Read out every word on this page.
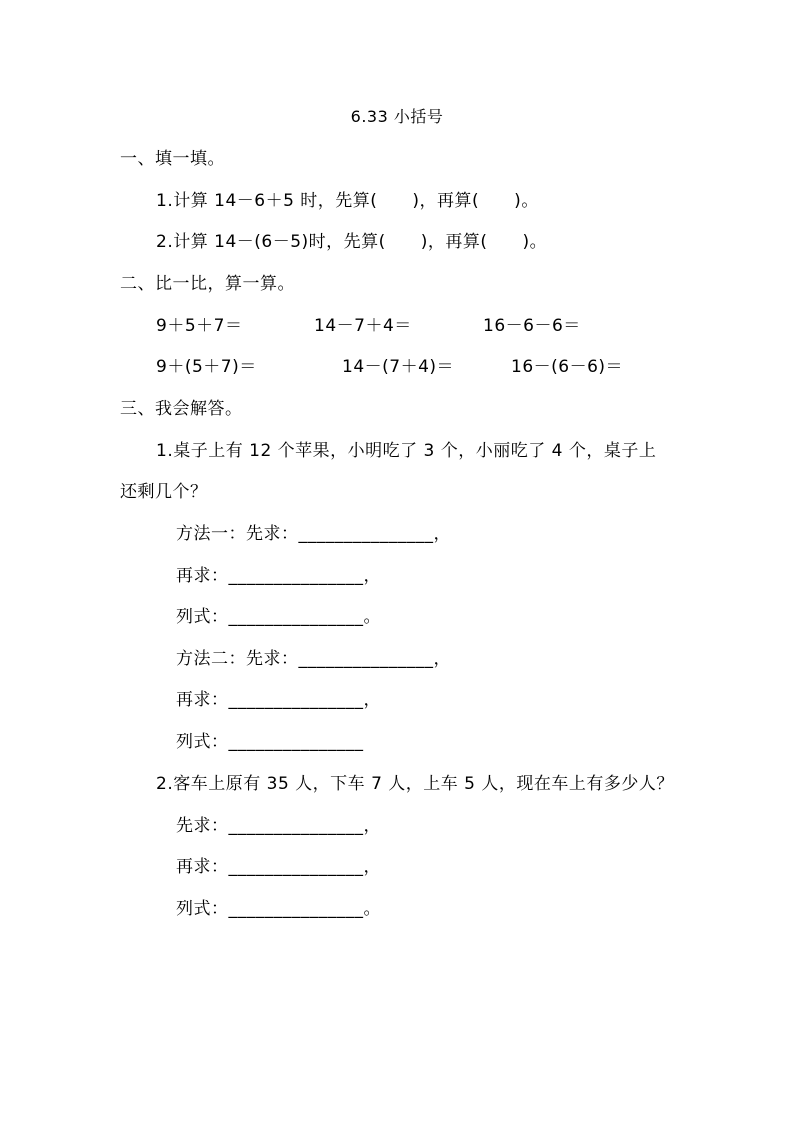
6.33 小括号
一、填一填。
1.计算 14－6＋5 时，先算(　　)，再算(　　)。
2.计算 14－(6－5)时，先算(　　)，再算(　　)。
二、比一比，算一算。
9＋5＋7＝	14－7＋4＝	16－6－6＝
9＋(5＋7)＝	14－(7＋4)＝	16－(6－6)＝
三、我会解答。
1.桌子上有 12 个苹果，小明吃了 3 个，小丽吃了 4 个，桌子上
还剩几个？
方法一：先求：_______________，
再求：_______________，
列式：_______________。
方法二：先求：_______________，
再求：_______________，
列式：_______________
2.客车上原有 35 人，下车 7 人，上车 5 人，现在车上有多少人？
先求：_______________，
再求：_______________，
列式：_______________。
